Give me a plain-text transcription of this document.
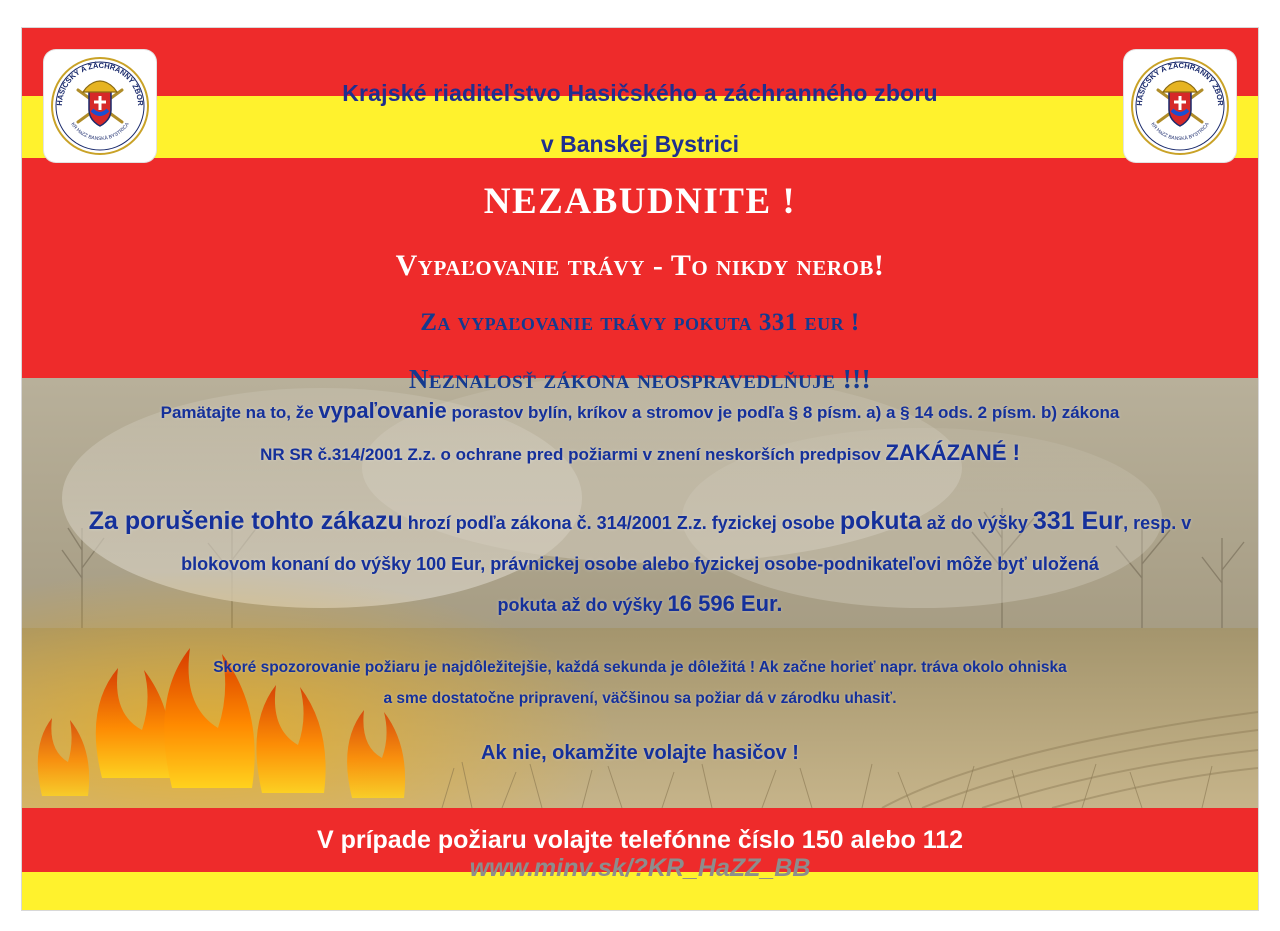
HASIČSKÝ A ZÁCHRANNÝ ZBOR
KR HaZZ BANSKÁ BYSTRICA
HASIČSKÝ A ZÁCHRANNÝ ZBOR
KR HaZZ BANSKÁ BYSTRICA
Krajské riaditeľstvo Hasičského a záchranného zboru
v Banskej Bystrici
NEZABUDNITE !
Vypaľovanie trávy - To nikdy nerob!
Za vypaľovanie trávy pokuta 331 eur !
Neznalosť zákona neospravedlňuje !!!
Pamätajte na to, že vypaľovanie porastov bylín, kríkov a stromov je podľa § 8 písm. a) a § 14 ods. 2 písm. b) zákona
NR SR č.314/2001 Z.z. o ochrane pred požiarmi v znení neskorších predpisov ZAKÁZANÉ !
Za porušenie tohto zákazu hrozí podľa zákona č. 314/2001 Z.z. fyzickej osobe pokuta až do výšky 331 Eur, resp. v blokovom konaní do výšky 100 Eur, právnickej osobe alebo fyzickej osobe-podnikateľovi môže byť uložená
pokuta až do výšky 16 596 Eur.
Skoré spozorovanie požiaru je najdôležitejšie, každá sekunda je dôležitá ! Ak začne horieť napr. tráva okolo ohniska
a sme dostatočne pripravení, väčšinou sa požiar dá v zárodku uhasiť.
Ak nie, okamžite volajte hasičov !
V prípade požiaru volajte telefónne číslo 150 alebo 112
www.minv.sk/?KR_HaZZ_BB
